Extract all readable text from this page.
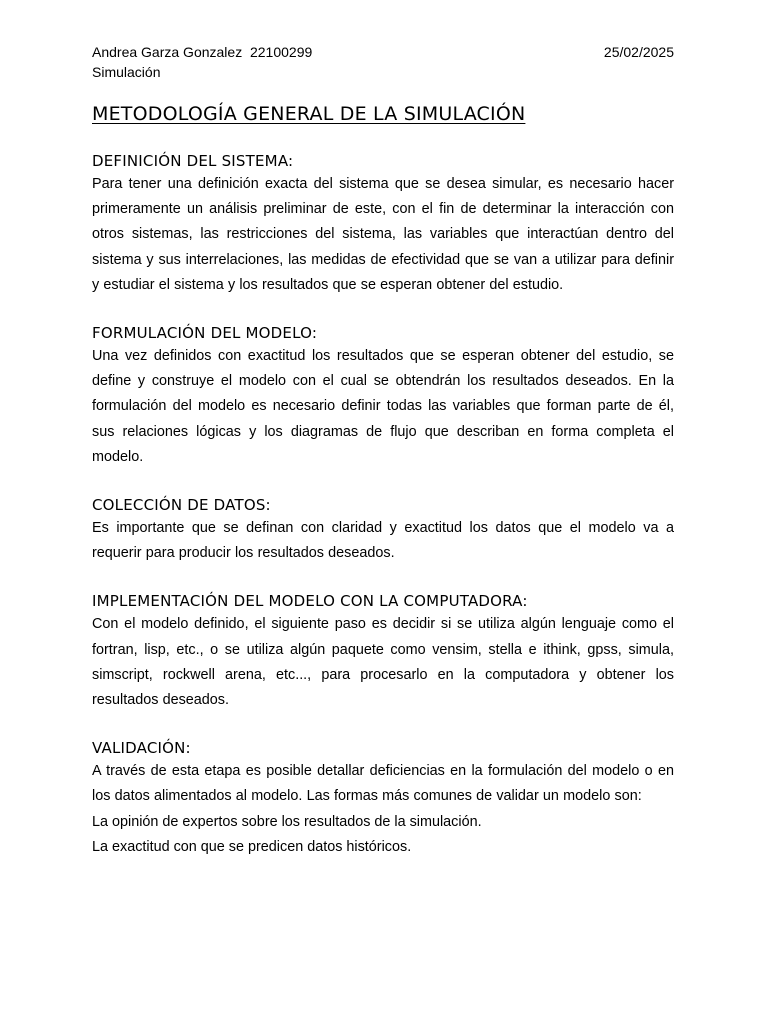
Andrea Garza Gonzalez  22100299	25/02/2025
Simulación
METODOLOGÍA GENERAL DE LA SIMULACIÓN
DEFINICIÓN DEL SISTEMA:

Para tener una definición exacta del sistema que se desea simular, es necesario hacer primeramente un análisis preliminar de este, con el fin de determinar la interacción con otros sistemas, las restricciones del sistema, las variables que interactúan dentro del sistema y sus interrelaciones, las medidas de efectividad que se van a utilizar para definir y estudiar el sistema y los resultados que se esperan obtener del estudio.

FORMULACIÓN DEL MODELO:

Una vez definidos con exactitud los resultados que se esperan obtener del estudio, se define y construye el modelo con el cual se obtendrán los resultados deseados. En la formulación del modelo es necesario definir todas las variables que forman parte de él, sus relaciones lógicas y los diagramas de flujo que describan en forma completa el modelo.

COLECCIÓN DE DATOS:

Es importante que se definan con claridad y exactitud los datos que el modelo va a requerir para producir los resultados deseados.

IMPLEMENTACIÓN DEL MODELO CON LA COMPUTADORA:

Con el modelo definido, el siguiente paso es decidir si se utiliza algún lenguaje como el fortran, lisp, etc., o se utiliza algún paquete como vensim, stella e ithink, gpss, simula, simscript, rockwell arena, etc..., para procesarlo en la computadora y obtener los resultados deseados.

VALIDACIÓN:

A través de esta etapa es posible detallar deficiencias en la formulación del modelo o en los datos alimentados al modelo. Las formas más comunes de validar un modelo son:

La opinión de expertos sobre los resultados de la simulación.

La exactitud con que se predicen datos históricos.
